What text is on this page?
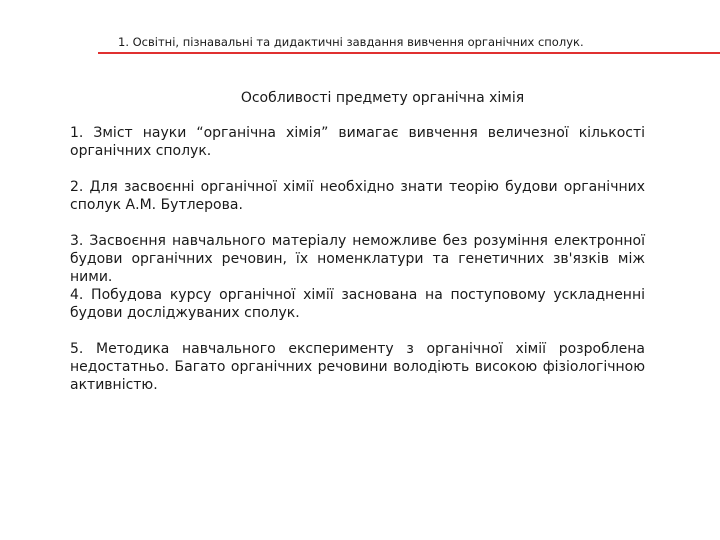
1. Освітні, пізнавальні та дидактичні завдання вивчення органічних сполук.
Особливості предмету органічна хімія

1. Зміст науки “органічна хімія” вимагає вивчення величезної кількості органічних сполук.

2. Для засвоєнні органічної хімії необхідно знати теорію будови органічних сполук А.М. Бутлерова.

3. Засвоєння навчального матеріалу неможливе без розуміння електронної будови органічних речовин, їх номенклатури та генетичних зв'язків між ними.

4. Побудова курсу органічної хімії заснована на поступовому ускладненні будови досліджуваних сполук.

5. Методика навчального експерименту з органічної хімії розроблена недостатньо. Багато органічних речовини володіють високою фізіологічною активністю.
